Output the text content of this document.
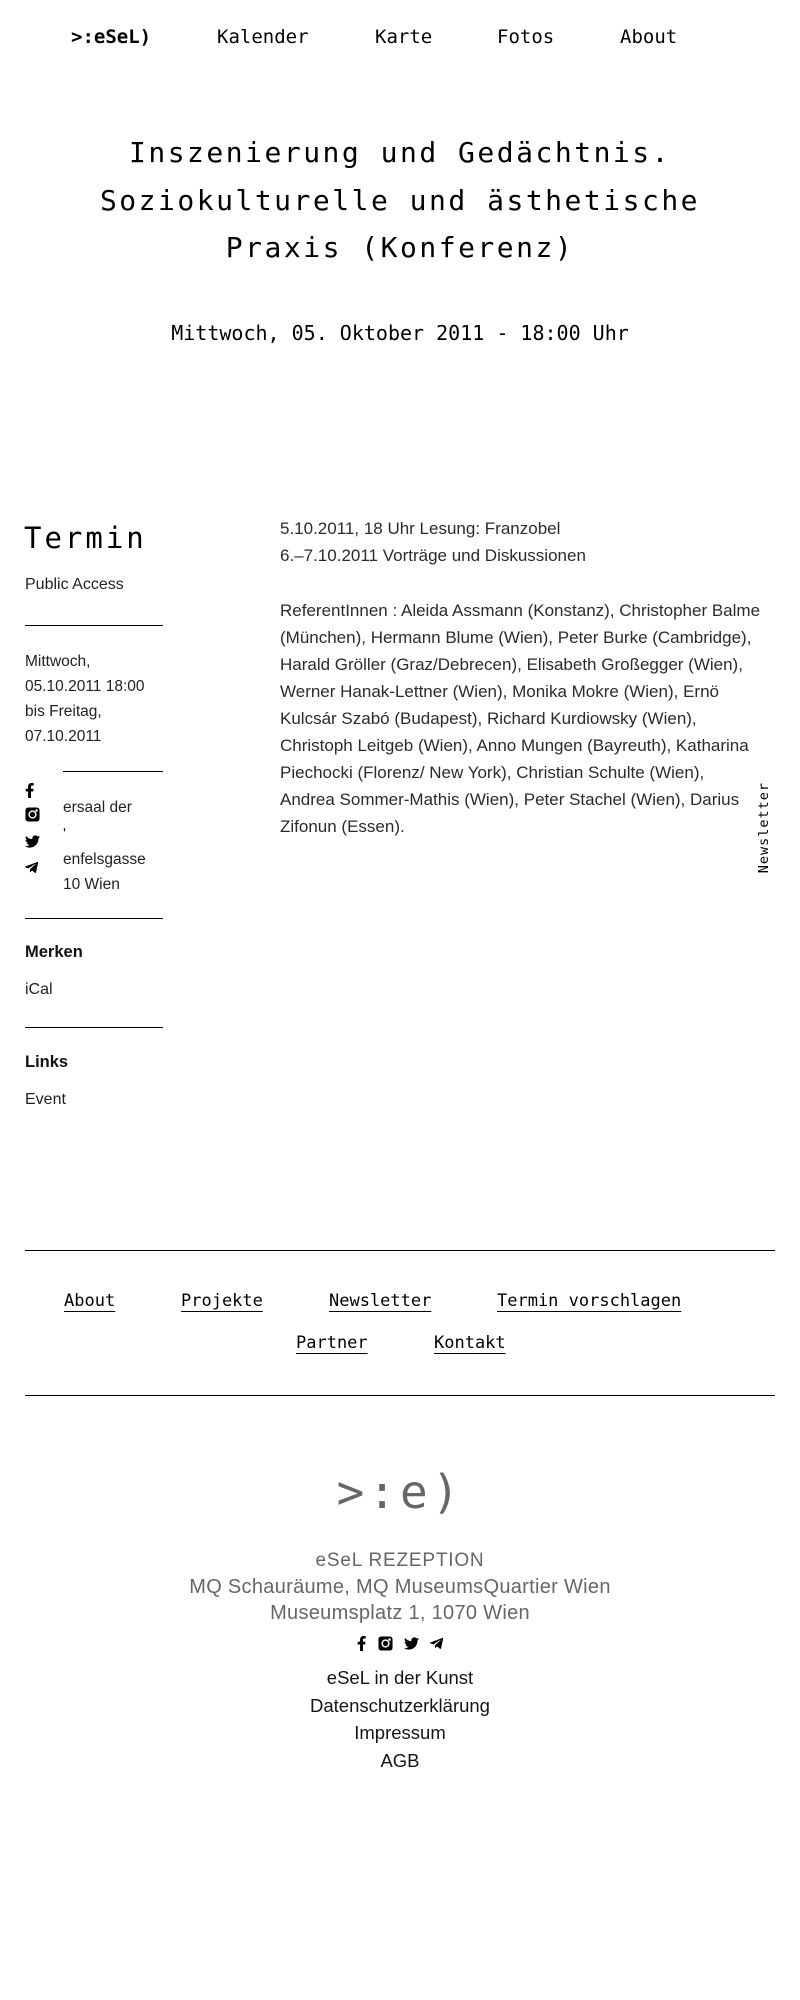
>:eSeL)	Kalender	Karte	Fotos	About
Inszenierung und Gedächtnis. Soziokulturelle und ästhetische Praxis (Konferenz)
Mittwoch, 05. Oktober 2011 - 18:00 Uhr
Termin
Public Access
Mittwoch,
05.10.2011 18:00
bis Freitag,
07.10.2011
ersaal der
'
enfelsgasse
10 Wien
Merken
iCal
Links
Event
5.10.2011, 18 Uhr Lesung: Franzobel
6.–7.10.2011 Vorträge und Diskussionen
ReferentInnen : Aleida Assmann (Konstanz), Christopher Balme (München), Hermann Blume (Wien), Peter Burke (Cambridge), Harald Gröller (Graz/Debrecen), Elisabeth Großegger (Wien), Werner Hanak-Lettner (Wien), Monika Mokre (Wien), Ernö Kulcsár Szabó (Budapest), Richard Kurdiowsky (Wien), Christoph Leitgeb (Wien), Anno Mungen (Bayreuth), Katharina Piechocki (Florenz/ New York), Christian Schulte (Wien), Andrea Sommer-Mathis (Wien), Peter Stachel (Wien), Darius Zifonun (Essen).	Newsletter
About	Projekte	Newsletter	Termin vorschlagen
Partner	Kontakt
>:e)
eSeL REZEPTION
MQ Schauräume, MQ MuseumsQuartier Wien
Museumsplatz 1, 1070 Wien
eSeL in der Kunst
Datenschutzerklärung
Impressum
AGB
